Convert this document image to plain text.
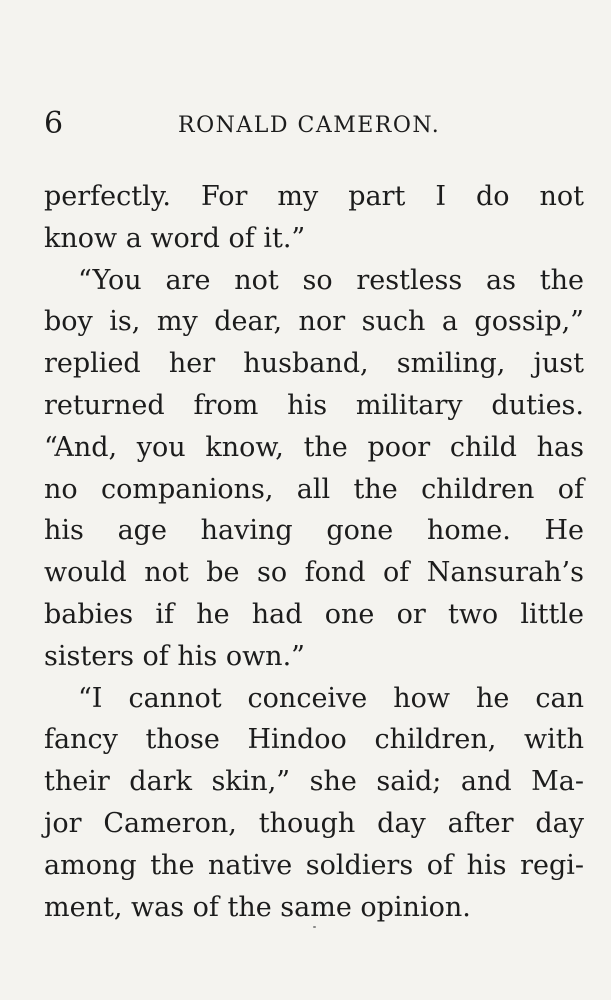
6	RONALD CAMERON.
perfectly. For my part I do not
know a word of it.”
“You are not so restless as the
boy is, my dear, nor such a gossip,”
replied her husband, smiling, just
returned from his military duties.
“And, you know, the poor child has
no companions, all the children of
his age having gone home. He
would not be so fond of Nansurah’s
babies if he had one or two little
sisters of his own.”
“I cannot conceive how he can
fancy those Hindoo children, with
their dark skin,” she said; and Ma-
jor Cameron, though day after day
among the native soldiers of his regi-
ment, was of the same opinion.
